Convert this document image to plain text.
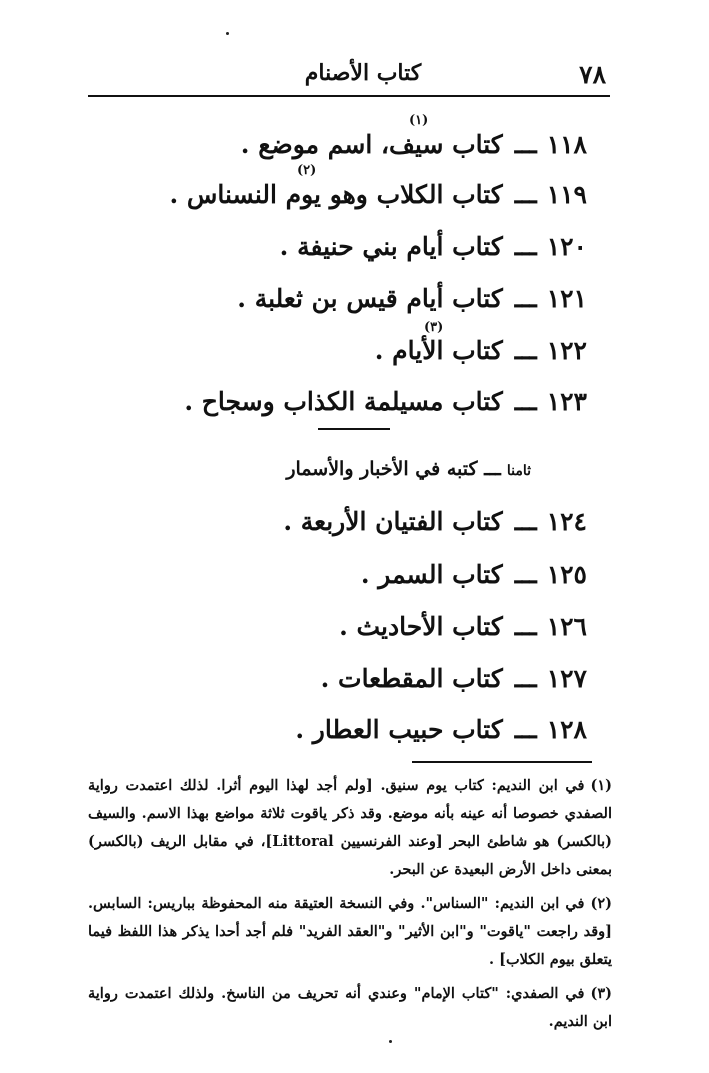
٧٨
كتاب الأصنام
١١٨ـــكتاب سيف، اسم موضع .
(١)
١١٩ـــكتاب الكلاب وهو يوم النسناس .
(٢)
١٢٠ـــكتاب أيام بني حنيفة .
١٢١ـــكتاب أيام قيس بن ثعلبة .
١٢٢ـــكتاب الأيام .
(٣)
١٢٣ـــكتاب مسيلمة الكذاب وسجاح .
ثامناـــ كتبه في الأخبار والأسمار
١٢٤ـــكتاب الفتيان الأربعة .
١٢٥ـــكتاب السمر .
١٢٦ـــكتاب الأحاديث .
١٢٧ـــكتاب المقطعات .
١٢٨ـــكتاب حبيب العطار .

(١)في ابن النديم: كتاب يوم سنيق. [ولم أجد لهذا اليوم أثرا. لذلك اعتمدت رواية الصفدي خصوصا أنه عينه بأنه موضع. وقد ذكر ياقوت ثلاثة مواضع بهذا الاسم. والسيف (بالكسر) هو شاطئ البحر [وعند الفرنسيين Littoral]، في مقابل الريف (بالكسر) بمعنى داخل الأرض البعيدة عن البحر.

(٢)في ابن النديم: "السناس". وفي النسخة العتيقة منه المحفوظة بباريس: السابس. [وقد راجعت "ياقوت" و"ابن الأثير" و"العقد الفريد" فلم أجد أحدا يذكر هذا اللفظ فيما يتعلق بيوم الكلاب] .

(٣)في الصفدي: "كتاب الإمام" وعندي أنه تحريف من الناسخ. ولذلك اعتمدت رواية ابن النديم.
